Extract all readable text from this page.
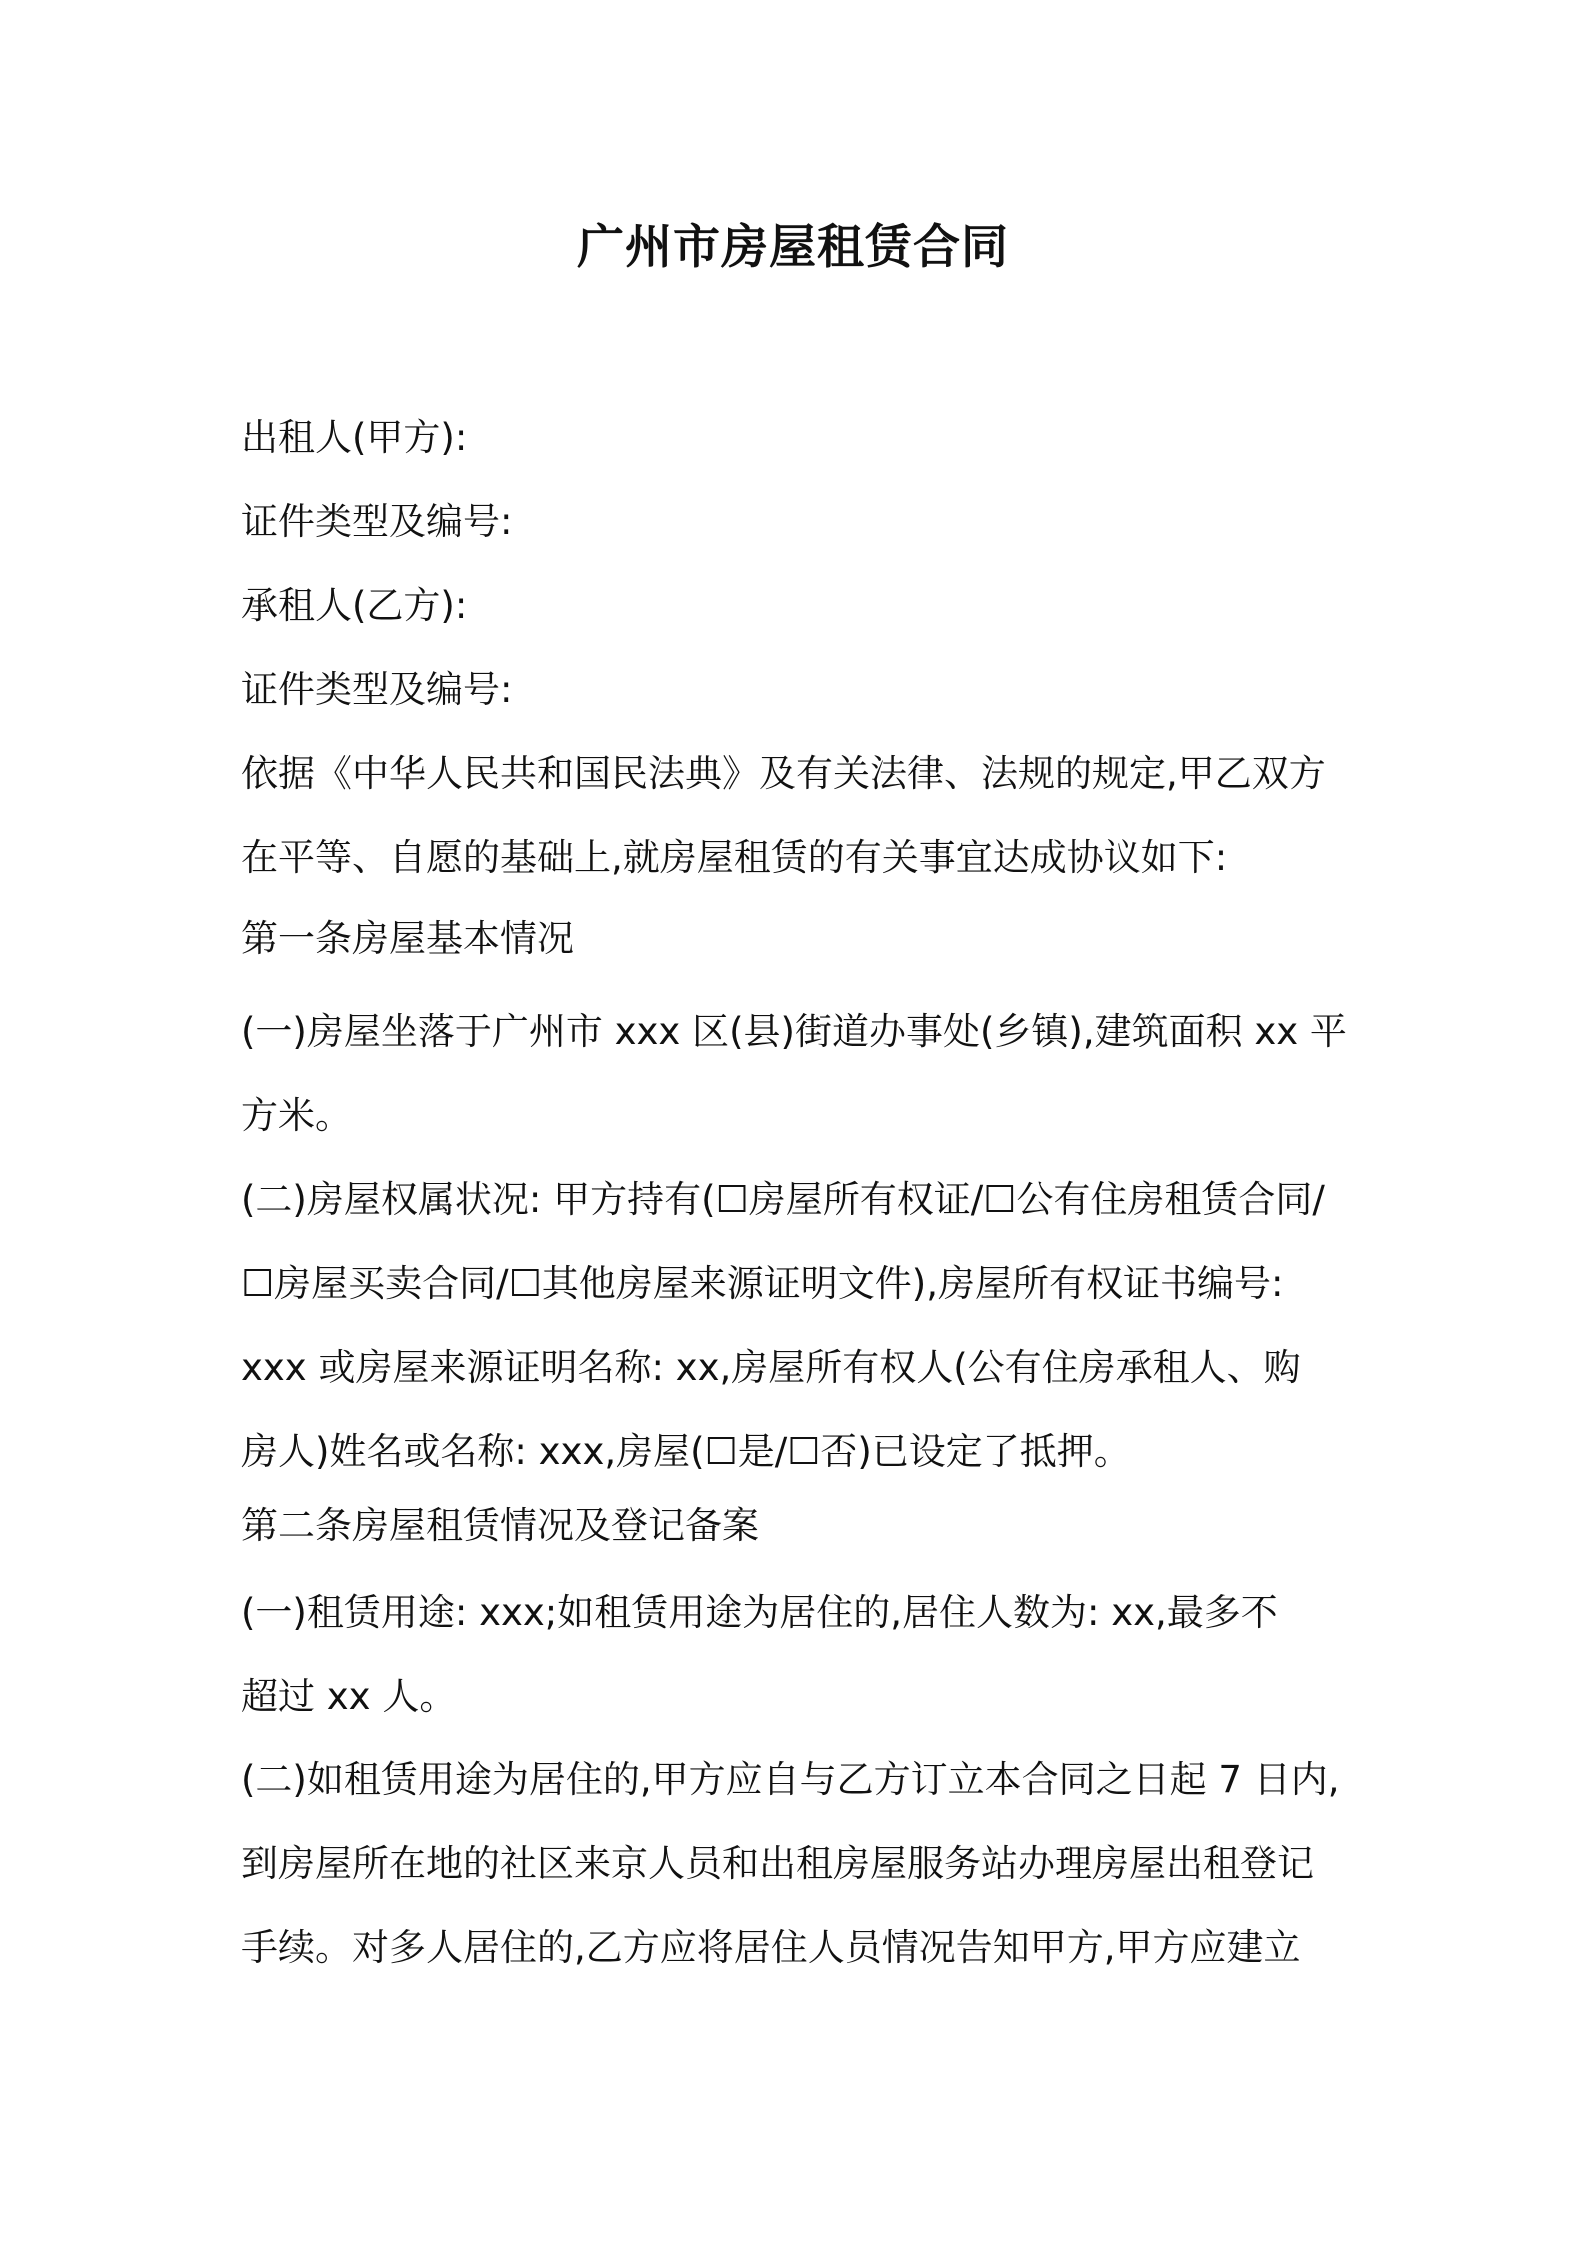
广州市房屋租赁合同
出租人(甲方):
证件类型及编号:
承租人(乙方):
证件类型及编号:
依据《中华人民共和国民法典》及有关法律、法规的规定,甲乙双方
在平等、自愿的基础上,就房屋租赁的有关事宜达成协议如下:
第一条房屋基本情况
(一)房屋坐落于广州市 xxx 区(县)街道办事处(乡镇),建筑面积 xx 平
方米。
(二)房屋权属状况: 甲方持有(☐房屋所有权证/☐公有住房租赁合同/
☐房屋买卖合同/☐其他房屋来源证明文件),房屋所有权证书编号:
xxx 或房屋来源证明名称: xx,房屋所有权人(公有住房承租人、购
房人)姓名或名称: xxx,房屋(☐是/☐否)已设定了抵押。
第二条房屋租赁情况及登记备案
(一)租赁用途: xxx;如租赁用途为居住的,居住人数为: xx,最多不
超过 xx 人。
(二)如租赁用途为居住的,甲方应自与乙方订立本合同之日起 7 日内,
到房屋所在地的社区来京人员和出租房屋服务站办理房屋出租登记
手续。对多人居住的,乙方应将居住人员情况告知甲方,甲方应建立
